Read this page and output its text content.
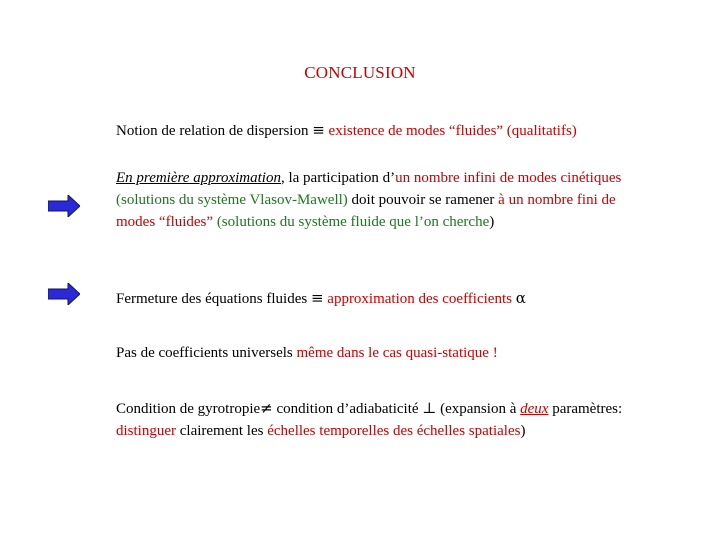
CONCLUSION
Notion de relation de dispersion ≡ existence de modes “fluides” (qualitatifs)
En première approximation, la participation d’un nombre infini de modes cinétiques (solutions du système Vlasov-Mawell) doit pouvoir se ramener à un nombre fini de modes “fluides” (solutions du système fluide que l’on cherche)
Fermeture des équations fluides ≡ approximation des coefficients α
Pas de coefficients universels même dans le cas quasi-statique !
Condition de gyrotropie≠ condition d’adiabaticité ⊥ (expansion à deux paramètres: distinguer clairement les échelles temporelles des échelles spatiales)
